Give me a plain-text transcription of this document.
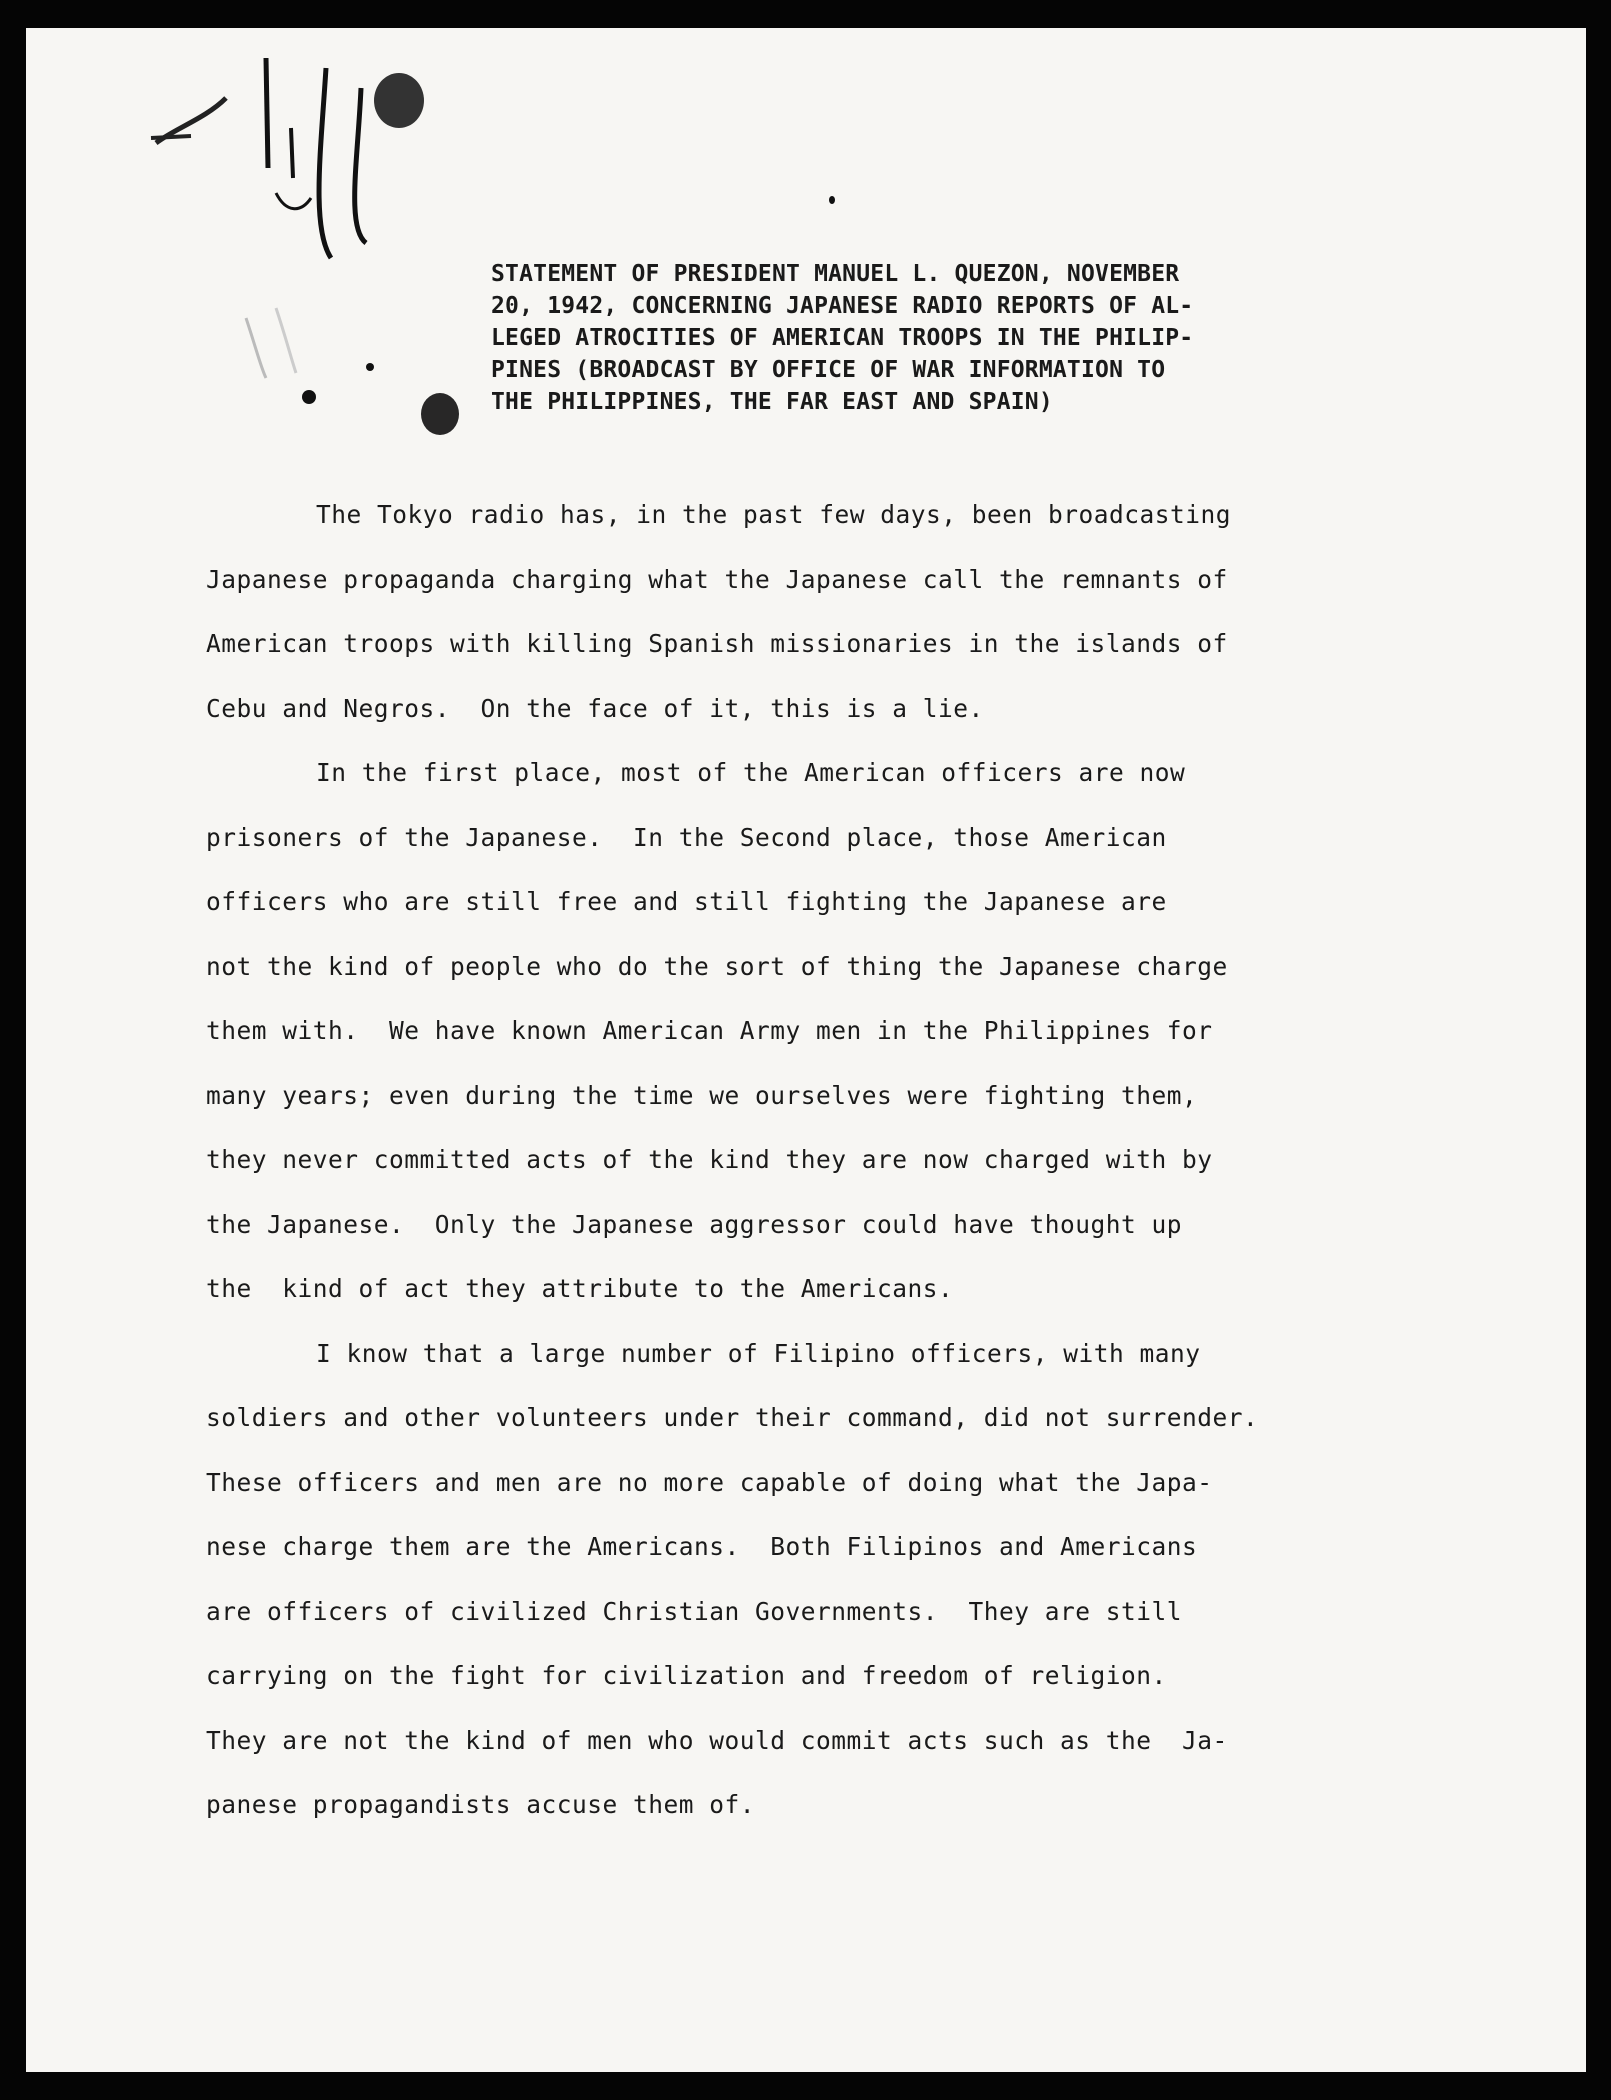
STATEMENT OF PRESIDENT MANUEL L. QUEZON, NOVEMBER
20, 1942, CONCERNING JAPANESE RADIO REPORTS OF AL-
LEGED ATROCITIES OF AMERICAN TROOPS IN THE PHILIP-
PINES (BROADCAST BY OFFICE OF WAR INFORMATION TO
THE PHILIPPINES, THE FAR EAST AND SPAIN)
The Tokyo radio has, in the past few days, been broadcasting
Japanese propaganda charging what the Japanese call the remnants of
American troops with killing Spanish missionaries in the islands of
Cebu and Negros.  On the face of it, this is a lie.
In the first place, most of the American officers are now
prisoners of the Japanese.  In the Second place, those American
officers who are still free and still fighting the Japanese are
not the kind of people who do the sort of thing the Japanese charge
them with.  We have known American Army men in the Philippines for
many years; even during the time we ourselves were fighting them,
they never committed acts of the kind they are now charged with by
the Japanese.  Only the Japanese aggressor could have thought up
the  kind of act they attribute to the Americans.
I know that a large number of Filipino officers, with many
soldiers and other volunteers under their command, did not surrender.
These officers and men are no more capable of doing what the Japa-
nese charge them are the Americans.  Both Filipinos and Americans
are officers of civilized Christian Governments.  They are still
carrying on the fight for civilization and freedom of religion.
They are not the kind of men who would commit acts such as the  Ja-
panese propagandists accuse them of.
